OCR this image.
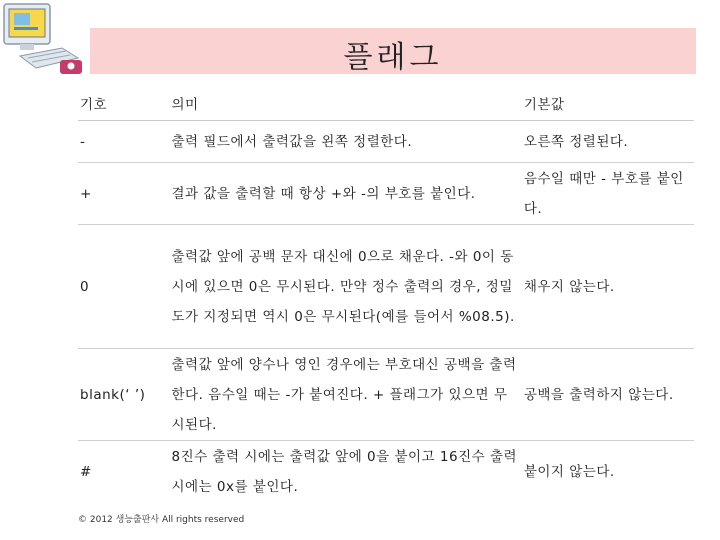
플래그
기호	의미	기본값
-	출력 필드에서 출력값을 왼쪽 정렬한다.	오른쪽 정렬된다.
+	결과 값을 출력할 때 항상 +와 -의 부호를 붙인다.	음수일 때만 - 부호를 붙인다.
0	출력값 앞에 공백 문자 대신에 0으로 채운다. -와 0이 동시에 있으면 0은 무시된다. 만약 정수 출력의 경우, 정밀도가 지정되면 역시 0은 무시된다(예를 들어서 %08.5).	채우지 않는다.
blank(‘ ’)	출력값 앞에 양수나 영인 경우에는 부호대신 공백을 출력한다. 음수일 때는 -가 붙여진다. + 플래그가 있으면 무시된다.	공백을 출력하지 않는다.
#	8진수 출력 시에는 출력값 앞에 0을 붙이고 16진수 출력 시에는 0x를 붙인다.	붙이지 않는다.
© 2012 생능출판사 All rights reserved
